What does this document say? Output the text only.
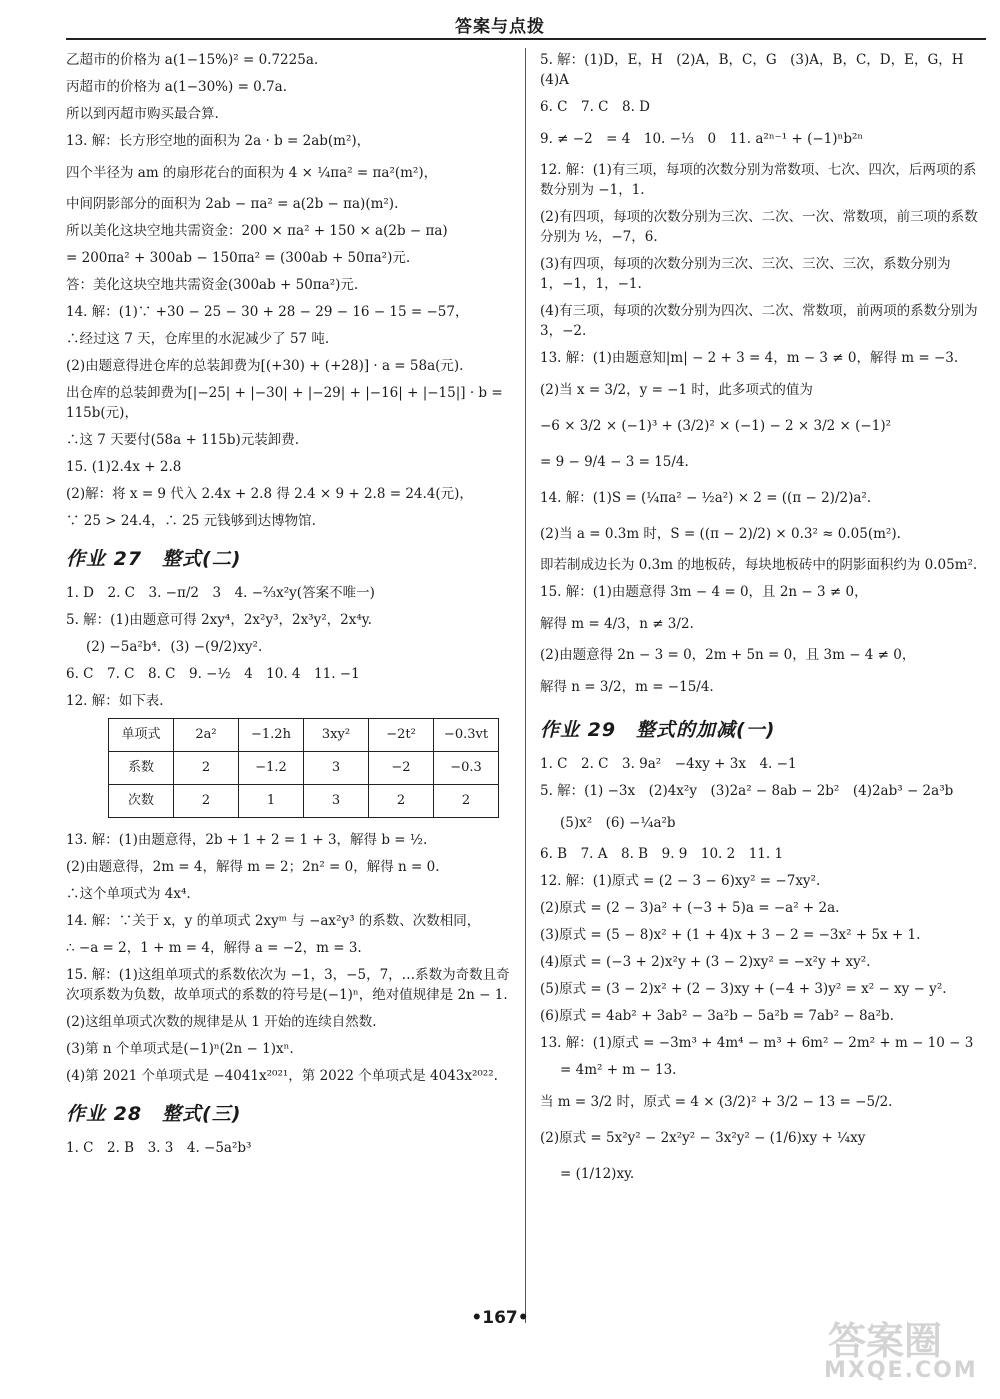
答案与点拨
乙超市的价格为 a(1−15%)² = 0.7225a.
丙超市的价格为 a(1−30%) = 0.7a.
所以到丙超市购买最合算.
13. 解：长方形空地的面积为 2a · b = 2ab(m²)，
四个半径为 am 的扇形花台的面积为 4 × ¼πa² = πa²(m²)，
中间阴影部分的面积为 2ab − πa² = a(2b − πa)(m²).
所以美化这块空地共需资金：200 × πa² + 150 × a(2b − πa)
= 200πa² + 300ab − 150πa² = (300ab + 50πa²)元.
答：美化这块空地共需资金(300ab + 50πa²)元.
14. 解：(1)∵ +30 − 25 − 30 + 28 − 29 − 16 − 15 = −57，
∴经过这 7 天，仓库里的水泥减少了 57 吨.
(2)由题意得进仓库的总装卸费为[(+30) + (+28)] · a = 58a(元).
出仓库的总装卸费为[|−25| + |−30| + |−29| + |−16| + |−15|] · b = 115b(元)，
∴这 7 天要付(58a + 115b)元装卸费.
15. (1)2.4x + 2.8
(2)解：将 x = 9 代入 2.4x + 2.8 得 2.4 × 9 + 2.8 = 24.4(元)，
∵ 25 > 24.4，∴ 25 元钱够到达博物馆.
作业 27　整式(二)
1. D　2. C　3. −π/2　3　4. −⅔x²y(答案不唯一)
5. 解：(1)由题意可得 2xy⁴，2x²y³，2x³y²，2x⁴y.
(2) −5a²b⁴．(3) −(9/2)xy².
6. C　7. C　8. C　9. −½　4　10. 4　11. −1
12. 解：如下表.
单项式	2a²	−1.2h	3xy²	−2t²	−0.3vt
系数	2	−1.2	3	−2	−0.3
次数	2	1	3	2	2
13. 解：(1)由题意得，2b + 1 + 2 = 1 + 3，解得 b = ½.
(2)由题意得，2m = 4，解得 m = 2；2n² = 0，解得 n = 0.
∴这个单项式为 4x⁴.
14. 解：∵关于 x，y 的单项式 2xyᵐ 与 −ax²y³ 的系数、次数相同，
∴ −a = 2，1 + m = 4，解得 a = −2，m = 3.
15. 解：(1)这组单项式的系数依次为 −1，3，−5，7，…系数为奇数且奇次项系数为负数，故单项式的系数的符号是(−1)ⁿ，绝对值规律是 2n − 1.
(2)这组单项式次数的规律是从 1 开始的连续自然数.
(3)第 n 个单项式是(−1)ⁿ(2n − 1)xⁿ.
(4)第 2021 个单项式是 −4041x²⁰²¹，第 2022 个单项式是 4043x²⁰²².
作业 28　整式(三)
1. C　2. B　3. 3　4. −5a²b³
5. 解：(1)D，E，H　(2)A，B，C，G　(3)A，B，C，D，E，G，H　(4)A
6. C　7. C　8. D
9. ≠ −2　= 4　10. −⅓　0　11. a²ⁿ⁻¹ + (−1)ⁿb²ⁿ
12. 解：(1)有三项，每项的次数分别为常数项、七次、四次，后两项的系数分别为 −1，1.
(2)有四项，每项的次数分别为三次、二次、一次、常数项，前三项的系数分别为 ½，−7，6.
(3)有四项，每项的次数分别为三次、三次、三次、三次，系数分别为 1，−1，1，−1.
(4)有三项，每项的次数分别为四次、二次、常数项，前两项的系数分别为 3，−2.
13. 解：(1)由题意知|m| − 2 + 3 = 4，m − 3 ≠ 0，解得 m = −3.
(2)当 x = 3/2，y = −1 时，此多项式的值为
−6 × 3/2 × (−1)³ + (3/2)² × (−1) − 2 × 3/2 × (−1)²
= 9 − 9/4 − 3 = 15/4.
14. 解：(1)S = (¼πa² − ½a²) × 2 = ((π − 2)/2)a².
(2)当 a = 0.3m 时，S = ((π − 2)/2) × 0.3² ≈ 0.05(m²).
即若制成边长为 0.3m 的地板砖，每块地板砖中的阴影面积约为 0.05m².
15. 解：(1)由题意得 3m − 4 = 0，且 2n − 3 ≠ 0，
解得 m = 4/3，n ≠ 3/2.
(2)由题意得 2n − 3 = 0，2m + 5n = 0，且 3m − 4 ≠ 0，
解得 n = 3/2，m = −15/4.
作业 29　整式的加减(一)
1. C　2. C　3. 9a²　−4xy + 3x　4. −1
5. 解：(1) −3x　(2)4x²y　(3)2a² − 8ab − 2b²　(4)2ab³ − 2a³b
(5)x²　(6) −¼a²b
6. B　7. A　8. B　9. 9　10. 2　11. 1
12. 解：(1)原式 = (2 − 3 − 6)xy² = −7xy².
(2)原式 = (2 − 3)a² + (−3 + 5)a = −a² + 2a.
(3)原式 = (5 − 8)x² + (1 + 4)x + 3 − 2 = −3x² + 5x + 1.
(4)原式 = (−3 + 2)x²y + (3 − 2)xy² = −x²y + xy².
(5)原式 = (3 − 2)x² + (2 − 3)xy + (−4 + 3)y² = x² − xy − y².
(6)原式 = 4ab² + 3ab² − 3a²b − 5a²b = 7ab² − 8a²b.
13. 解：(1)原式 = −3m³ + 4m⁴ − m³ + 6m² − 2m² + m − 10 − 3
= 4m² + m − 13.
当 m = 3/2 时，原式 = 4 × (3/2)² + 3/2 − 13 = −5/2.
(2)原式 = 5x²y² − 2x²y² − 3x²y² − (1/6)xy + ¼xy
= (1/12)xy.
•167•
答案圈
MXQE.COM
